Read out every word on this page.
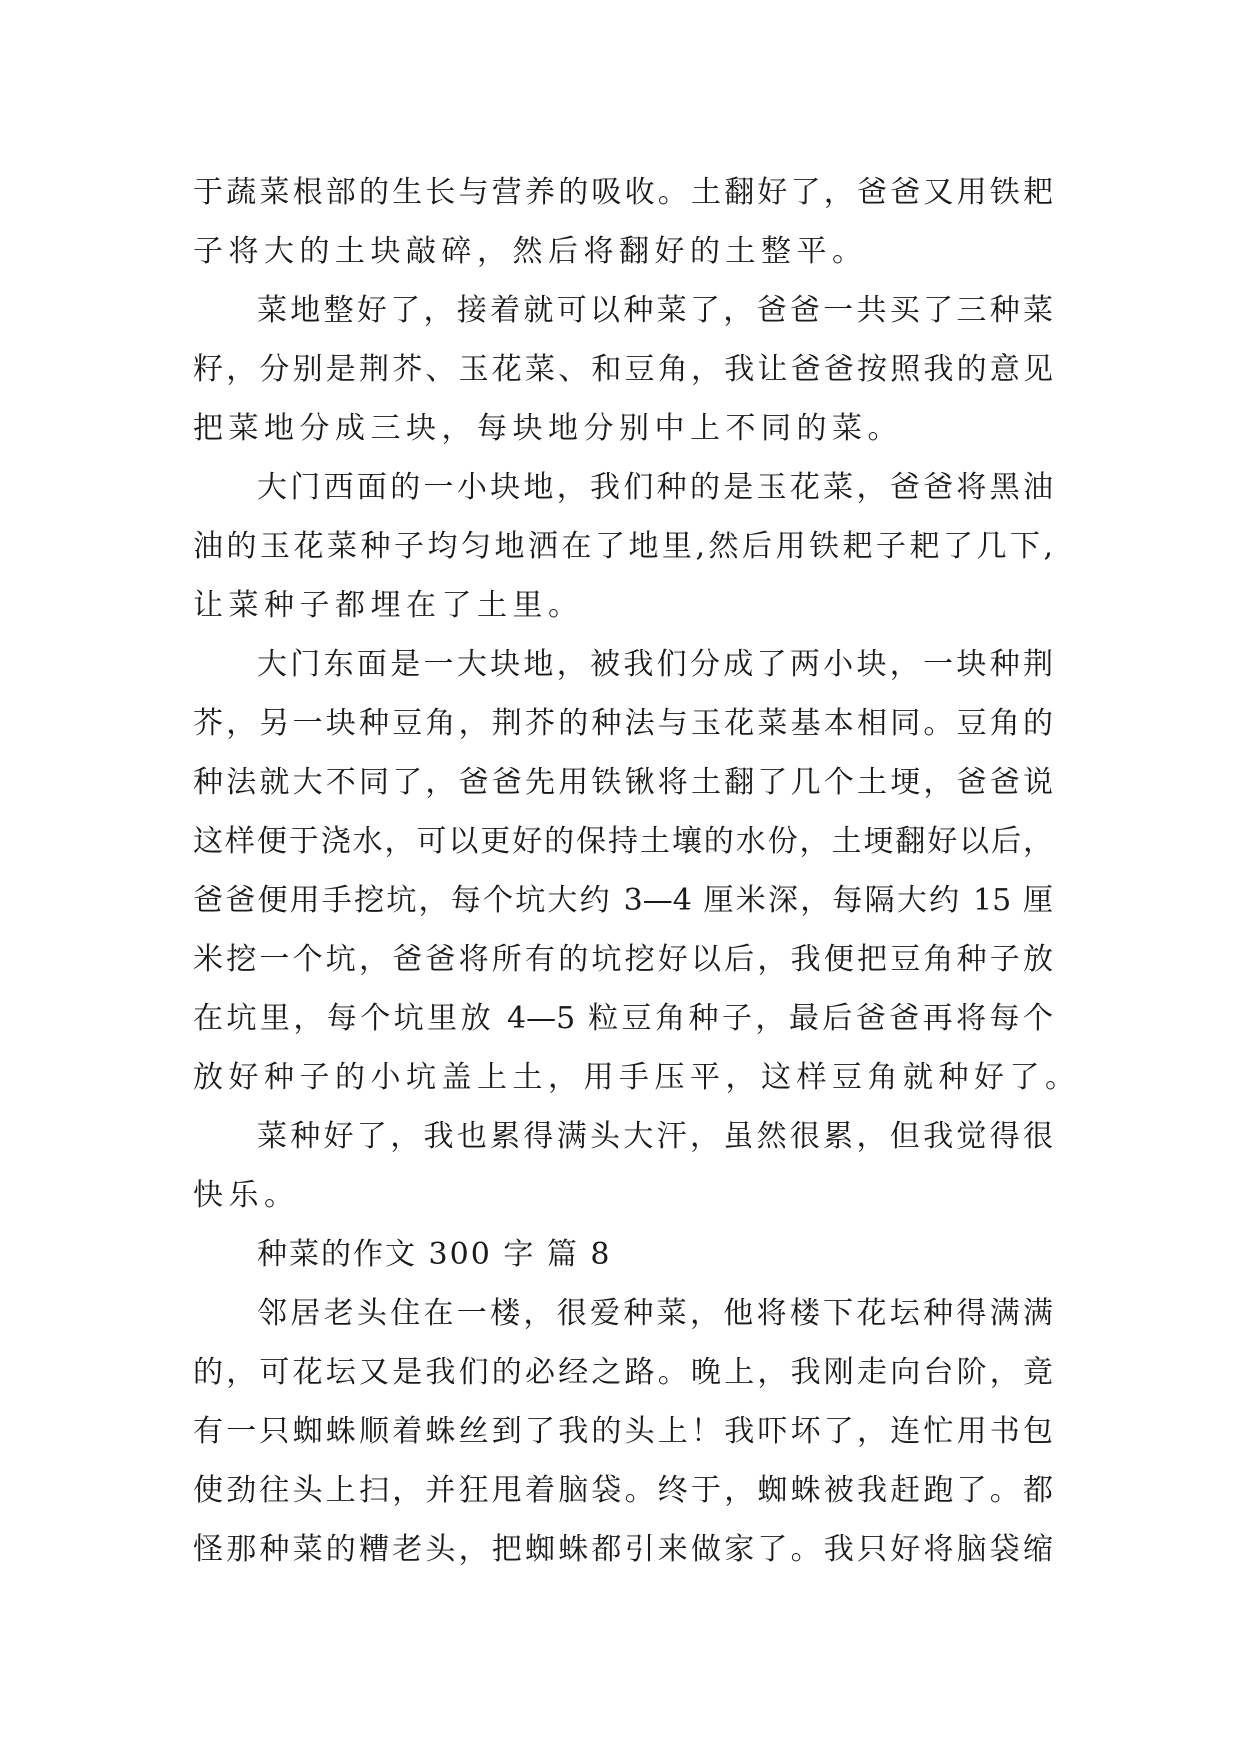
于蔬菜根部的生长与营养的吸收。土翻好了，爸爸又用铁耙
子将大的土块敲碎，然后将翻好的土整平。
菜地整好了，接着就可以种菜了，爸爸一共买了三种菜
籽，分别是荆芥、玉花菜、和豆角，我让爸爸按照我的意见
把菜地分成三块，每块地分别中上不同的菜。
大门西面的一小块地，我们种的是玉花菜，爸爸将黑油
油的玉花菜种子均匀地洒在了地里,然后用铁耙子耙了几下,
让菜种子都埋在了土里。
大门东面是一大块地，被我们分成了两小块，一块种荆
芥，另一块种豆角，荆芥的种法与玉花菜基本相同。豆角的
种法就大不同了，爸爸先用铁锹将土翻了几个土埂，爸爸说
这样便于浇水，可以更好的保持土壤的水份，土埂翻好以后，
爸爸便用手挖坑，每个坑大约 3—4 厘米深，每隔大约 15 厘
米挖一个坑，爸爸将所有的坑挖好以后，我便把豆角种子放
在坑里，每个坑里放 4—5 粒豆角种子，最后爸爸再将每个
放好种子的小坑盖上土，用手压平，这样豆角就种好了。
菜种好了，我也累得满头大汗，虽然很累，但我觉得很
快乐。
种菜的作文 300 字 篇 8
邻居老头住在一楼，很爱种菜，他将楼下花坛种得满满
的，可花坛又是我们的必经之路。晚上，我刚走向台阶，竟
有一只蜘蛛顺着蛛丝到了我的头上！我吓坏了，连忙用书包
使劲往头上扫，并狂甩着脑袋。终于，蜘蛛被我赶跑了。都
怪那种菜的糟老头，把蜘蛛都引来做家了。我只好将脑袋缩
